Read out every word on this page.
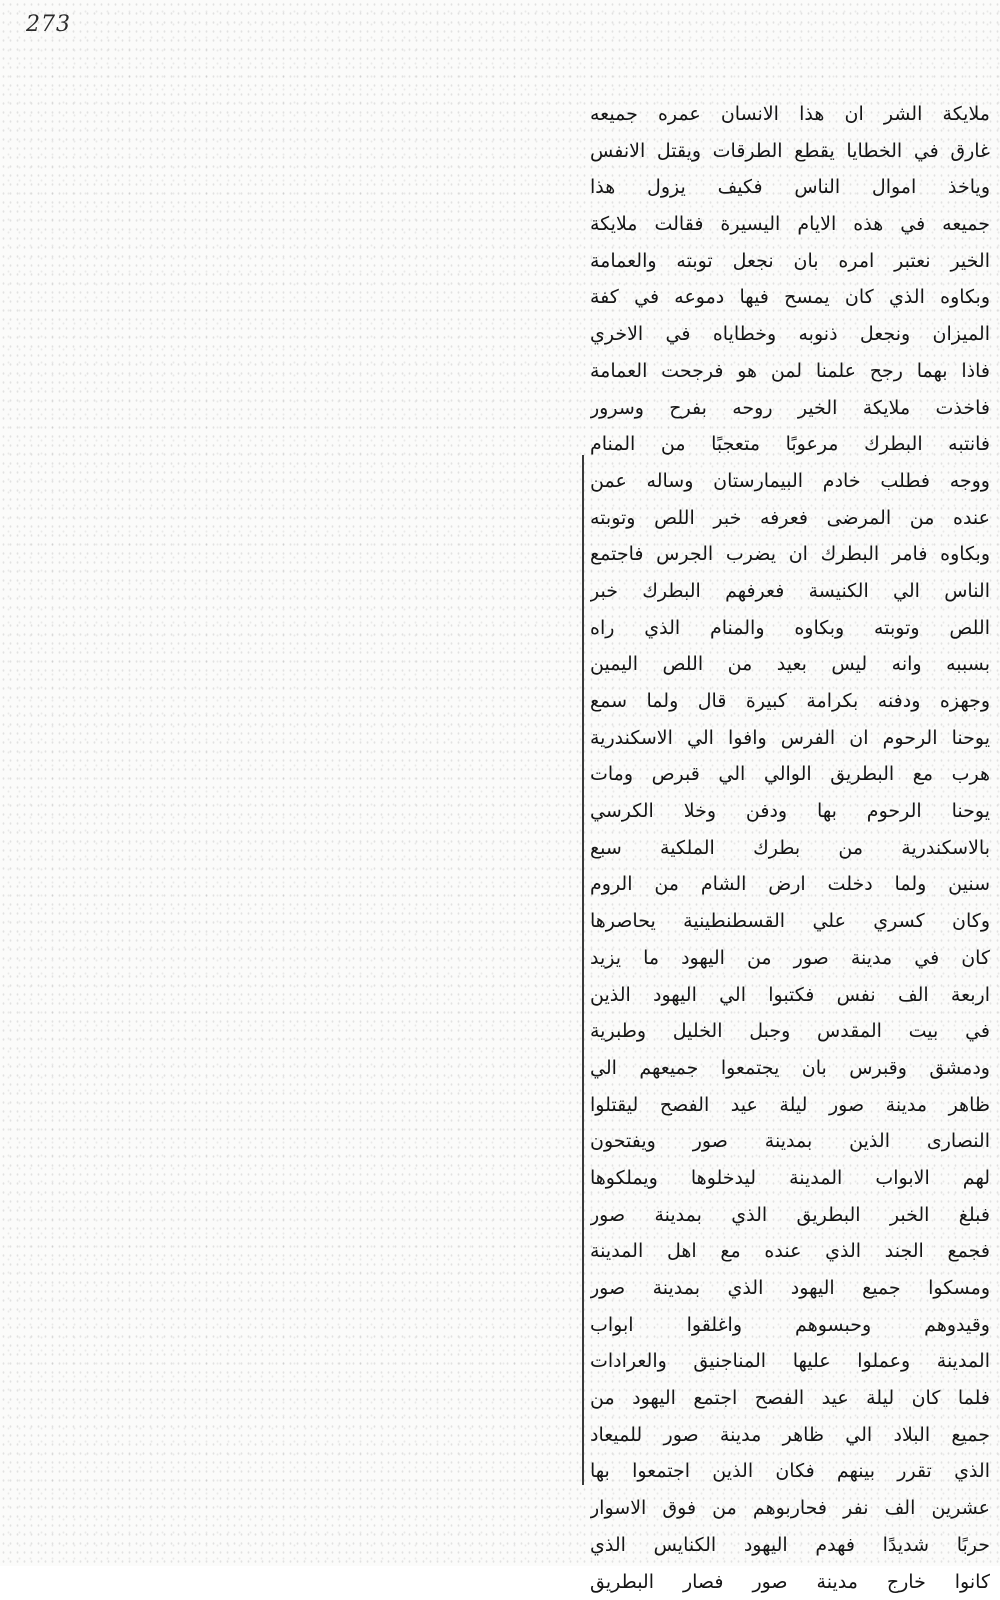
273
ملايكة الشر ان هذا الانسان عمره جميعه
غارق في الخطايا يقطع الطرقات ويقتل الانفس
وياخذ اموال الناس فكيف يزول هذا
جميعه في هذه الايام اليسيرة فقالت ملايكة
الخير نعتبر امره بان نجعل توبته والعمامة
وبكاوه الذي كان يمسح فيها دموعه في كفة
الميزان ونجعل ذنوبه وخطاياه في الاخري
فاذا بهما رجح علمنا لمن هو فرجحت العمامة
فاخذت ملايكة الخير روحه بفرح وسرور
فانتبه البطرك مرعوبًا متعجبًا من المنام
ووجه فطلب خادم البيمارستان وساله عمن
عنده من المرضى فعرفه خبر اللص وتوبته
وبكاوه فامر البطرك ان يضرب الجرس فاجتمع
الناس الي الكنيسة فعرفهم البطرك خبر
اللص وتوبته وبكاوه والمنام الذي راه
بسببه وانه ليس بعيد من اللص اليمين
وجهزه ودفنه بكرامة كبيرة قال ولما سمع
يوحنا الرحوم ان الفرس وافوا الي الاسكندرية
هرب مع البطريق الوالي الي قبرص ومات
يوحنا الرحوم بها ودفن وخلا الكرسي
بالاسكندرية من بطرك الملكية سبع
سنين ولما دخلت ارض الشام من الروم
وكان كسري علي القسطنطينية يحاصرها
كان في مدينة صور من اليهود ما يزيد
اربعة الف نفس فكتبوا الي اليهود الذين
في بيت المقدس وجبل الخليل وطبرية
ودمشق وقبرس بان يجتمعوا جميعهم الي
ظاهر مدينة صور ليلة عيد الفصح ليقتلوا
النصارى الذين بمدينة صور ويفتحون
لهم الابواب المدينة ليدخلوها ويملكوها
فبلغ الخبر البطريق الذي بمدينة صور
فجمع الجند الذي عنده مع اهل المدينة
ومسكوا جميع اليهود الذي بمدينة صور
وقيدوهم وحبسوهم واغلقوا ابواب
المدينة وعملوا عليها المناجنيق والعرادات
فلما كان ليلة عيد الفصح اجتمع اليهود من
جميع البلاد الي ظاهر مدينة صور للميعاد
الذي تقرر بينهم فكان الذين اجتمعوا بها
عشرين الف نفر فحاربوهم من فوق الاسوار
حربًا شديدًا فهدم اليهود الكنايس الذي
كانوا خارج مدينة صور فصار البطريق
